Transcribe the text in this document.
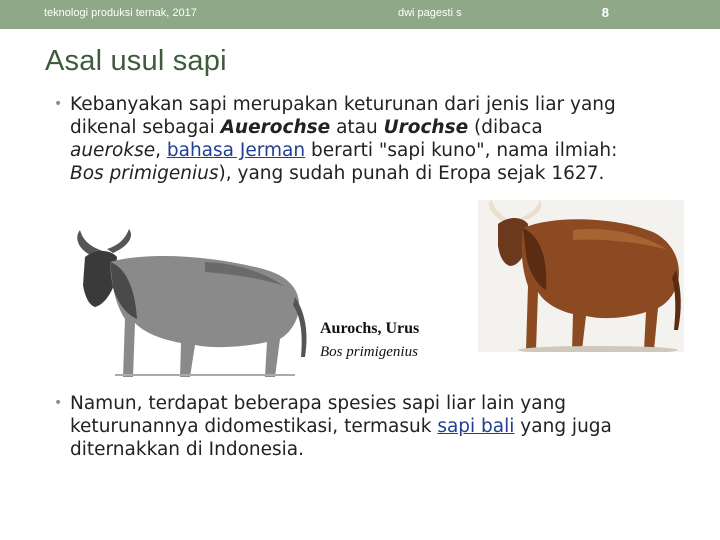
teknologi produksi ternak, 2017	dwi pagesti s	8
Asal usul sapi
• Kebanyakan sapi merupakan keturunan dari jenis liar yang dikenal sebagai Auerochse atau Urochse (dibaca auerokse, bahasa Jerman berarti "sapi kuno", nama ilmiah: Bos primigenius), yang sudah punah di Eropa sejak 1627.
Aurochs, Urus
Bos primigenius
• Namun, terdapat beberapa spesies sapi liar lain yang keturunannya didomestikasi, termasuk sapi bali yang juga diternakkan di Indonesia.
